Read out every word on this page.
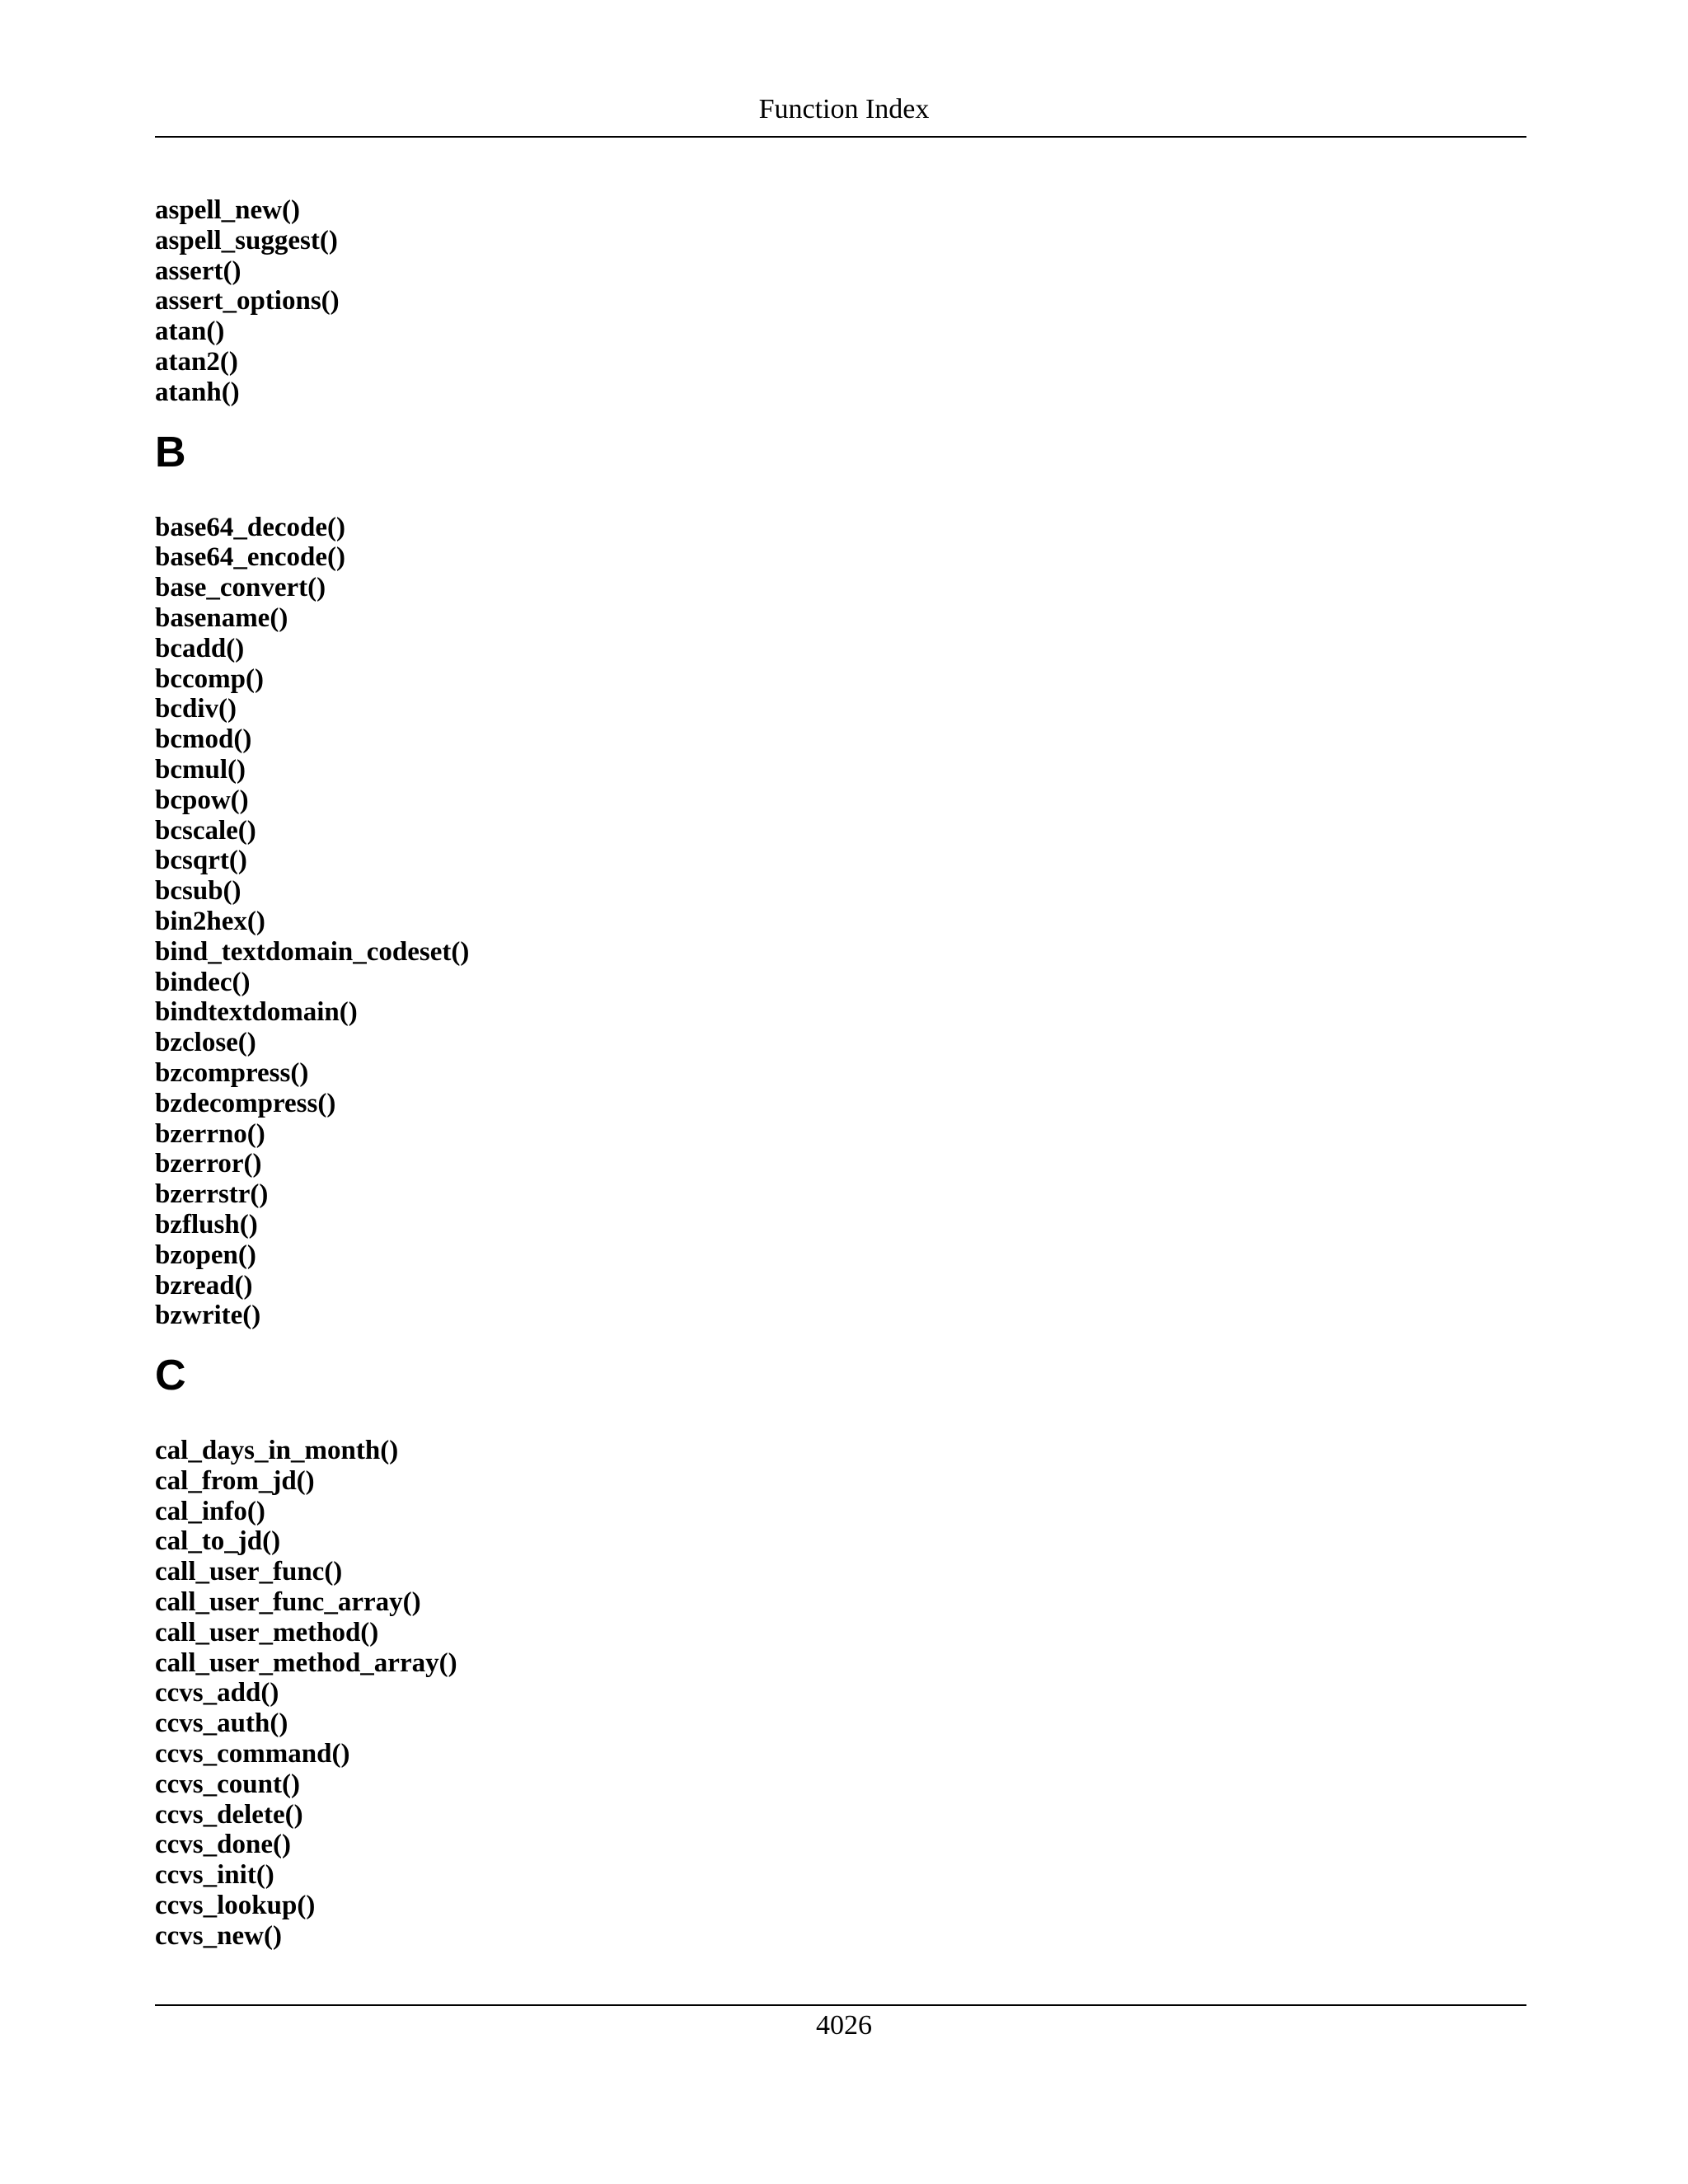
Function Index
aspell_new()
aspell_suggest()
assert()
assert_options()
atan()
atan2()
atanh()
B
base64_decode()
base64_encode()
base_convert()
basename()
bcadd()
bccomp()
bcdiv()
bcmod()
bcmul()
bcpow()
bcscale()
bcsqrt()
bcsub()
bin2hex()
bind_textdomain_codeset()
bindec()
bindtextdomain()
bzclose()
bzcompress()
bzdecompress()
bzerrno()
bzerror()
bzerrstr()
bzflush()
bzopen()
bzread()
bzwrite()
C
cal_days_in_month()
cal_from_jd()
cal_info()
cal_to_jd()
call_user_func()
call_user_func_array()
call_user_method()
call_user_method_array()
ccvs_add()
ccvs_auth()
ccvs_command()
ccvs_count()
ccvs_delete()
ccvs_done()
ccvs_init()
ccvs_lookup()
ccvs_new()
4026
